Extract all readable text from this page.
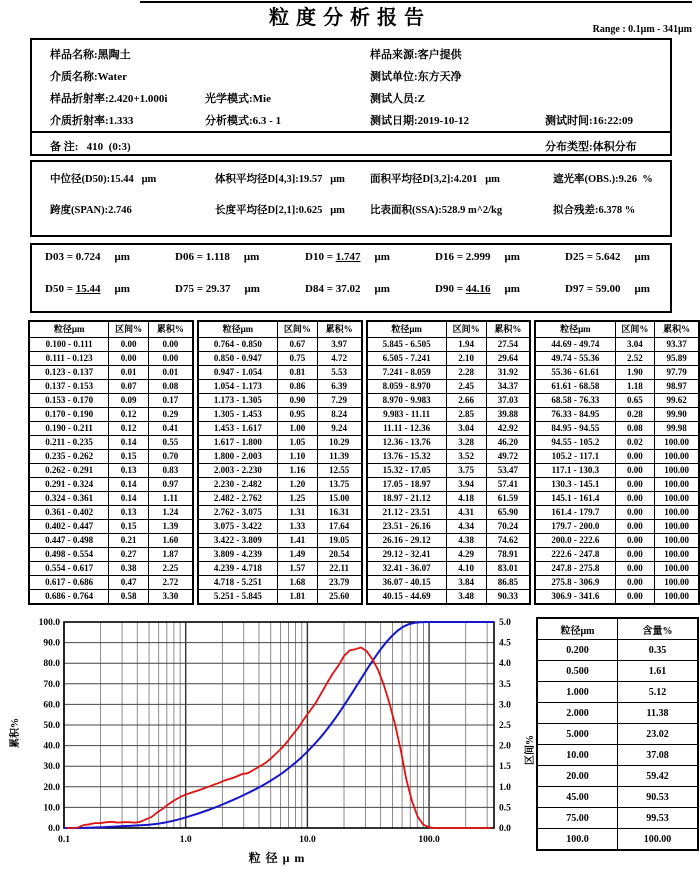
粒度分析报告
Range : 0.1μm - 341μm
样品名称:黑陶土	样品来源:客户提供
介质名称:Water	测试单位:东方天净
样品折射率:2.420+1.000i	光学模式:Mie	测试人员:Z
介质折射率:1.333	分析模式:6.3 - 1	测试日期:2019-10-12	测试时间:16:22:09
备 注:   410  (0:3)	分布类型:体积分布
中位径(D50):15.44   μm	体积平均径D[4,3]:19.57   μm 面积平均径D[3,2]:4.201   μm	遮光率(OBS.):9.26  %
跨度(SPAN):2.746	长度平均径D[2,1]:0.625   μm 比表面积(SSA):528.9 m^2/kg	拟合残差:6.378 %
D03 = 0.724 μm	D06 = 1.118 μm	D10 = 1.747 μm	D16 = 2.999 μm	D25 = 5.642 μm
D50 = 15.44 μm	D75 = 29.37 μm	D84 = 37.02 μm	D90 = 44.16 μm	D97 = 59.00 μm
粒径μm	区间%	累积%
0.100 - 0.111	0.00	0.00
0.111 - 0.123	0.00	0.00
0.123 - 0.137	0.01	0.01
0.137 - 0.153	0.07	0.08
0.153 - 0.170	0.09	0.17
0.170 - 0.190	0.12	0.29
0.190 - 0.211	0.12	0.41
0.211 - 0.235	0.14	0.55
0.235 - 0.262	0.15	0.70
0.262 - 0.291	0.13	0.83
0.291 - 0.324	0.14	0.97
0.324 - 0.361	0.14	1.11
0.361 - 0.402	0.13	1.24
0.402 - 0.447	0.15	1.39
0.447 - 0.498	0.21	1.60
0.498 - 0.554	0.27	1.87
0.554 - 0.617	0.38	2.25
0.617 - 0.686	0.47	2.72
0.686 - 0.764	0.58	3.30
粒径μm	区间%	累积%
0.764 - 0.850	0.67	3.97
0.850 - 0.947	0.75	4.72
0.947 - 1.054	0.81	5.53
1.054 - 1.173	0.86	6.39
1.173 - 1.305	0.90	7.29
1.305 - 1.453	0.95	8.24
1.453 - 1.617	1.00	9.24
1.617 - 1.800	1.05	10.29
1.800 - 2.003	1.10	11.39
2.003 - 2.230	1.16	12.55
2.230 - 2.482	1.20	13.75
2.482 - 2.762	1.25	15.00
2.762 - 3.075	1.31	16.31
3.075 - 3.422	1.33	17.64
3.422 - 3.809	1.41	19.05
3.809 - 4.239	1.49	20.54
4.239 - 4.718	1.57	22.11
4.718 - 5.251	1.68	23.79
5.251 - 5.845	1.81	25.60
粒径μm	区间%	累积%
5.845 - 6.505	1.94	27.54
6.505 - 7.241	2.10	29.64
7.241 - 8.059	2.28	31.92
8.059 - 8.970	2.45	34.37
8.970 - 9.983	2.66	37.03
9.983 - 11.11	2.85	39.88
11.11 - 12.36	3.04	42.92
12.36 - 13.76	3.28	46.20
13.76 - 15.32	3.52	49.72
15.32 - 17.05	3.75	53.47
17.05 - 18.97	3.94	57.41
18.97 - 21.12	4.18	61.59
21.12 - 23.51	4.31	65.90
23.51 - 26.16	4.34	70.24
26.16 - 29.12	4.38	74.62
29.12 - 32.41	4.29	78.91
32.41 - 36.07	4.10	83.01
36.07 - 40.15	3.84	86.85
40.15 - 44.69	3.48	90.33
粒径μm	区间%	累积%
44.69 - 49.74	3.04	93.37
49.74 - 55.36	2.52	95.89
55.36 - 61.61	1.90	97.79
61.61 - 68.58	1.18	98.97
68.58 - 76.33	0.65	99.62
76.33 - 84.95	0.28	99.90
84.95 - 94.55	0.08	99.98
94.55 - 105.2	0.02	100.00
105.2 - 117.1	0.00	100.00
117.1 - 130.3	0.00	100.00
130.3 - 145.1	0.00	100.00
145.1 - 161.4	0.00	100.00
161.4 - 179.7	0.00	100.00
179.7 - 200.0	0.00	100.00
200.0 - 222.6	0.00	100.00
222.6 - 247.8	0.00	100.00
247.8 - 275.8	0.00	100.00
275.8 - 306.9	0.00	100.00
306.9 - 341.6	0.00	100.00
100.0	5.0
90.0	4.5
80.0	4.0
70.0	3.5
60.0	3.0
50.0	2.5
40.0	2.0
30.0	1.5
20.0	1.0
10.0	0.5
0.0	0.0
0.1	1.0	10.0	100.0
累积%
区间%
粒径μm
粒径μm	含量%
0.200	0.35
0.500	1.61
1.000	5.12
2.000	11.38
5.000	23.02
10.00	37.08
20.00	59.42
45.00	90.53
75.00	99.53
100.0	100.00
